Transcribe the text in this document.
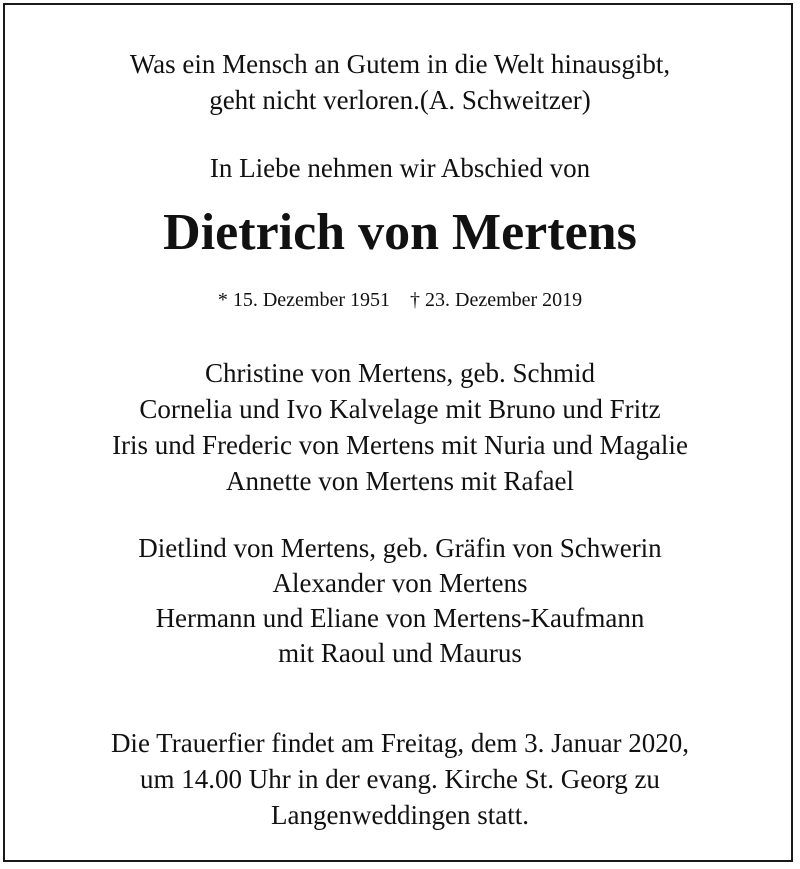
Was ein Mensch an Gutem in die Welt hinausgibt,
geht nicht verloren.(A. Schweitzer)
In Liebe nehmen wir Abschied von
Dietrich von Mertens
* 15. Dezember 1951 † 23. Dezember 2019
Christine von Mertens, geb. Schmid
Cornelia und Ivo Kalvelage mit Bruno und Fritz
Iris und Frederic von Mertens mit Nuria und Magalie
Annette von Mertens mit Rafael
Dietlind von Mertens, geb. Gräfin von Schwerin
Alexander von Mertens
Hermann und Eliane von Mertens-Kaufmann
mit Raoul und Maurus
Die Trauerfier findet am Freitag, dem 3. Januar 2020,
um 14.00 Uhr in der evang. Kirche St. Georg zu
Langenweddingen statt.
